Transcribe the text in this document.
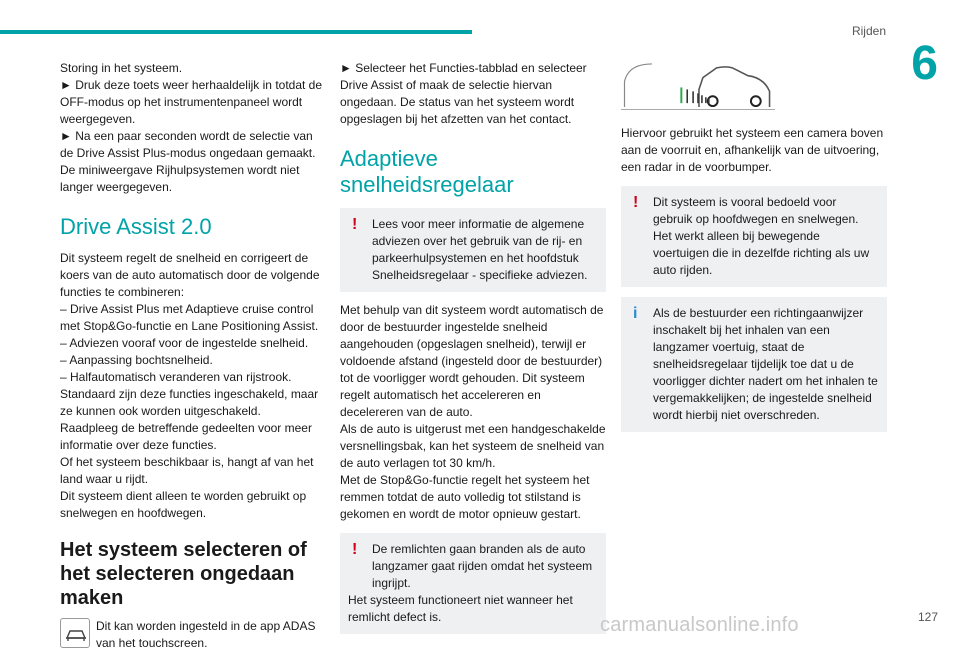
Rijden
6
Storing in het systeem.
► Druk deze toets weer herhaaldelijk in totdat de OFF-modus op het instrumentenpaneel wordt weergegeven.
► Na een paar seconden wordt de selectie van de Drive Assist Plus-modus ongedaan gemaakt. De miniweergave Rijhulpsystemen wordt niet langer weergegeven.
Drive Assist 2.0
Dit systeem regelt de snelheid en corrigeert de koers van de auto automatisch door de volgende functies te combineren:
– Drive Assist Plus met Adaptieve cruise control met Stop&Go-functie en Lane Positioning Assist.
– Adviezen vooraf voor de ingestelde snelheid.
– Aanpassing bochtsnelheid.
– Halfautomatisch veranderen van rijstrook.
Standaard zijn deze functies ingeschakeld, maar ze kunnen ook worden uitgeschakeld.
Raadpleeg de betreffende gedeelten voor meer informatie over deze functies.
Of het systeem beschikbaar is, hangt af van het land waar u rijdt.
Dit systeem dient alleen te worden gebruikt op snelwegen en hoofdwegen.
Het systeem selecteren of het selecteren ongedaan maken
Dit kan worden ingesteld in de app ADAS van het touchscreen.
► Selecteer het Functies-tabblad en selecteer Drive Assist of maak de selectie hiervan ongedaan. De status van het systeem wordt opgeslagen bij het afzetten van het contact.
Adaptieve snelheidsregelaar
!	Lees voor meer informatie de algemene adviezen over het gebruik van de rij- en parkeerhulpsystemen en het hoofdstuk Snelheidsregelaar - specifieke adviezen.
Met behulp van dit systeem wordt automatisch de door de bestuurder ingestelde snelheid aangehouden (opgeslagen snelheid), terwijl er voldoende afstand (ingesteld door de bestuurder) tot de voorligger wordt gehouden. Dit systeem regelt automatisch het accelereren en decelereren van de auto.
Als de auto is uitgerust met een handgeschakelde versnellingsbak, kan het systeem de snelheid van de auto verlagen tot 30 km/h.
Met de Stop&Go-functie regelt het systeem het remmen totdat de auto volledig tot stilstand is gekomen en wordt de motor opnieuw gestart.
!	De remlichten gaan branden als de auto langzamer gaat rijden omdat het systeem ingrijpt.
Het systeem functioneert niet wanneer het remlicht defect is.
Hiervoor gebruikt het systeem een camera boven aan de voorruit en, afhankelijk van de uitvoering, een radar in de voorbumper.
!	Dit systeem is vooral bedoeld voor gebruik op hoofdwegen en snelwegen. Het werkt alleen bij bewegende voertuigen die in dezelfde richting als uw auto rijden.
i	Als de bestuurder een richtingaanwijzer inschakelt bij het inhalen van een langzamer voertuig, staat de snelheidsregelaar tijdelijk toe dat u de voorligger dichter nadert om het inhalen te vergemakkelijken; de ingestelde snelheid wordt hierbij niet overschreden.
carmanualsonline.info	127
